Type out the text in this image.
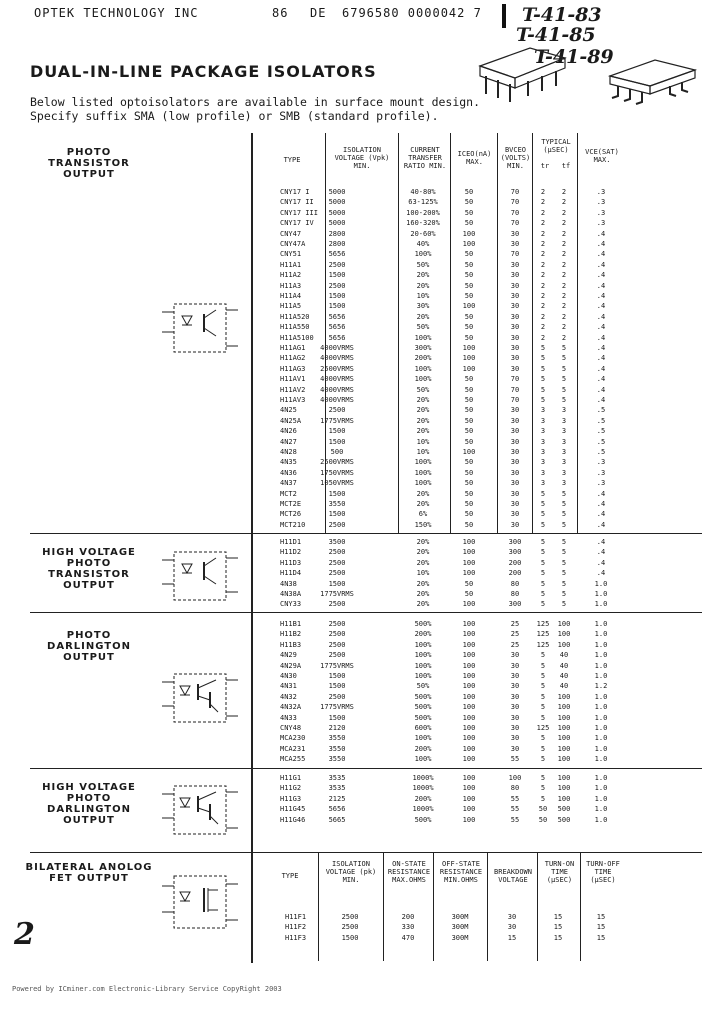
OPTEK TECHNOLOGY INC	86 DE 6796580 0000042 7 T-41-83
T-41-85
T-41-89
DUAL-IN-LINE PACKAGE ISOLATORS
Below listed optoisolators are available in surface mount design.
Specify suffix SMA (low profile) or SMB (standard profile).
TYPE
ISOLATION
VOLTAGE (Vpk)
MIN.
CURRENT
TRANSFER
RATIO MIN.
ICEO(nA)
MAX.
BVCEO
(VOLTS)
MIN.
TYPICAL
(μSEC)
tr	tf
VCE(SAT)
MAX.
TYPE
ISOLATION
VOLTAGE (pk)
MIN.
ON-STATE
RESISTANCE
MAX.OHMS
OFF-STATE
RESISTANCE
MIN.OHMS
BREAKDOWN
VOLTAGE
TURN-ON
TIME
(μSEC)
TURN-OFF
TIME
(μSEC)
PHOTO TRANSISTOR
OUTPUT
HIGH VOLTAGE
PHOTO TRANSISTOR
OUTPUT
PHOTO DARLINGTON
OUTPUT
HIGH VOLTAGE
PHOTO DARLINGTON
OUTPUT
BILATERAL ANOLOG
FET OUTPUT
2
Powered by ICminer.com Electronic-Library Service CopyRight 2003
CNY17 I	5000	40-80%	50	70	2 2	.3
CNY17 II 5000	63-125%	50	70	2 2	.3
CNY17 III 5000	100-200%	50	70	2 2	.3
CNY17 IV 5000	160-320%	50	70	2 2	.3
CNY47	2800	20-60%	100	30	2 2	.4
CNY47A	2800	40%	100	30	2 2	.4
CNY51	5656	100%	50	70	2 2	.4
H11A1	2500	50%	50	30	2 2	.4
H11A2	1500	20%	50	30	2 2	.4
H11A3	2500	20%	50	30	2 2	.4
H11A4	1500	10%	50	30	2 2	.4
H11A5	1500	30%	100	30	2 2	.4
H11A520	5656	20%	50	30	2 2	.4
H11A550	5656	50%	50	30	2 2	.4
H11A5100 5656	100%	50	30	2 2	.4
H11AG1 4000VRMS	300%	100	30	5 5	.4
H11AG2 4000VRMS	200%	100	30	5 5	.4
H11AG3 2500VRMS	100%	100	30	5 5	.4
H11AV1 4000VRMS	100%	50	70	5 5	.4
H11AV2 4000VRMS	50%	50	70	5 5	.4
H11AV3 4000VRMS	20%	50	70	5 5	.4
4N25	2500	20%	50	30	3 3	.5
4N25A	1775VRMS	20%	50	30	3 3	.5
4N26	1500	20%	50	30	3 3	.5
4N27	1500	10%	50	30	3 3	.5
4N28	500	10%	100	30	3 3	.5
4N35	2500VRMS	100%	50	30	3 3	.3
4N36	1750VRMS	100%	50	30	3 3	.3
4N37	1050VRMS	100%	50	30	3 3	.3
MCT2	1500	20%	50	30	5 5	.4
MCT2E	3550	20%	50	30	5 5	.4
MCT26	1500	6%	50	30	5 5	.4
MCT210	2500	150%	50	30	5 5	.4
H11D1	3500	20%	100	300	5 5	.4
H11D2	2500	20%	100	300	5 5	.4
H11D3	2500	20%	100	200	5 5	.4
H11D4	2500	10%	100	200	5 5	.4
4N38	1500	20%	50	80	5 5	1.0
4N38A	1775VRMS	20%	50	80	5 5	1.0
CNY33	2500	20%	100	300	5 5	1.0
H11B1	2500	500%	100	25 125 100	1.0
H11B2	2500	200%	100	25 125 100	1.0
H11B3	2500	100%	100	25 125 100	1.0
4N29	2500	100%	100	30	5 40	1.0
4N29A	1775VRMS	100%	100	30	5 40	1.0
4N30	1500	100%	100	30	5 40	1.0
4N31	1500	50%	100	30	5 40	1.2
4N32	2500	500%	100	30	5 100	1.0
4N32A	1775VRMS	500%	100	30	5 100	1.0
4N33	1500	500%	100	30	5 100	1.0
CNY48	2120	600%	100	30 125 100	1.0
MCA230	3550	100%	100	30	5 100	1.0
MCA231	3550	200%	100	30	5 100	1.0
MCA255	3550	100%	100	55	5 100	1.0
H11G1	3535	1000%	100	100	5 100	1.0
H11G2	3535	1000%	100	80	5 100	1.0
H11G3	2125	200%	100	55	5 100	1.0
H11G45	5656	1000%	100	55	50 500	1.0
H11G46	5665	500%	100	55	50 500	1.0
H11F1	2500	200	300M	30	15	15
H11F2	2500	330	300M	30	15	15
H11F3	1500	470	300M	15	15	15
